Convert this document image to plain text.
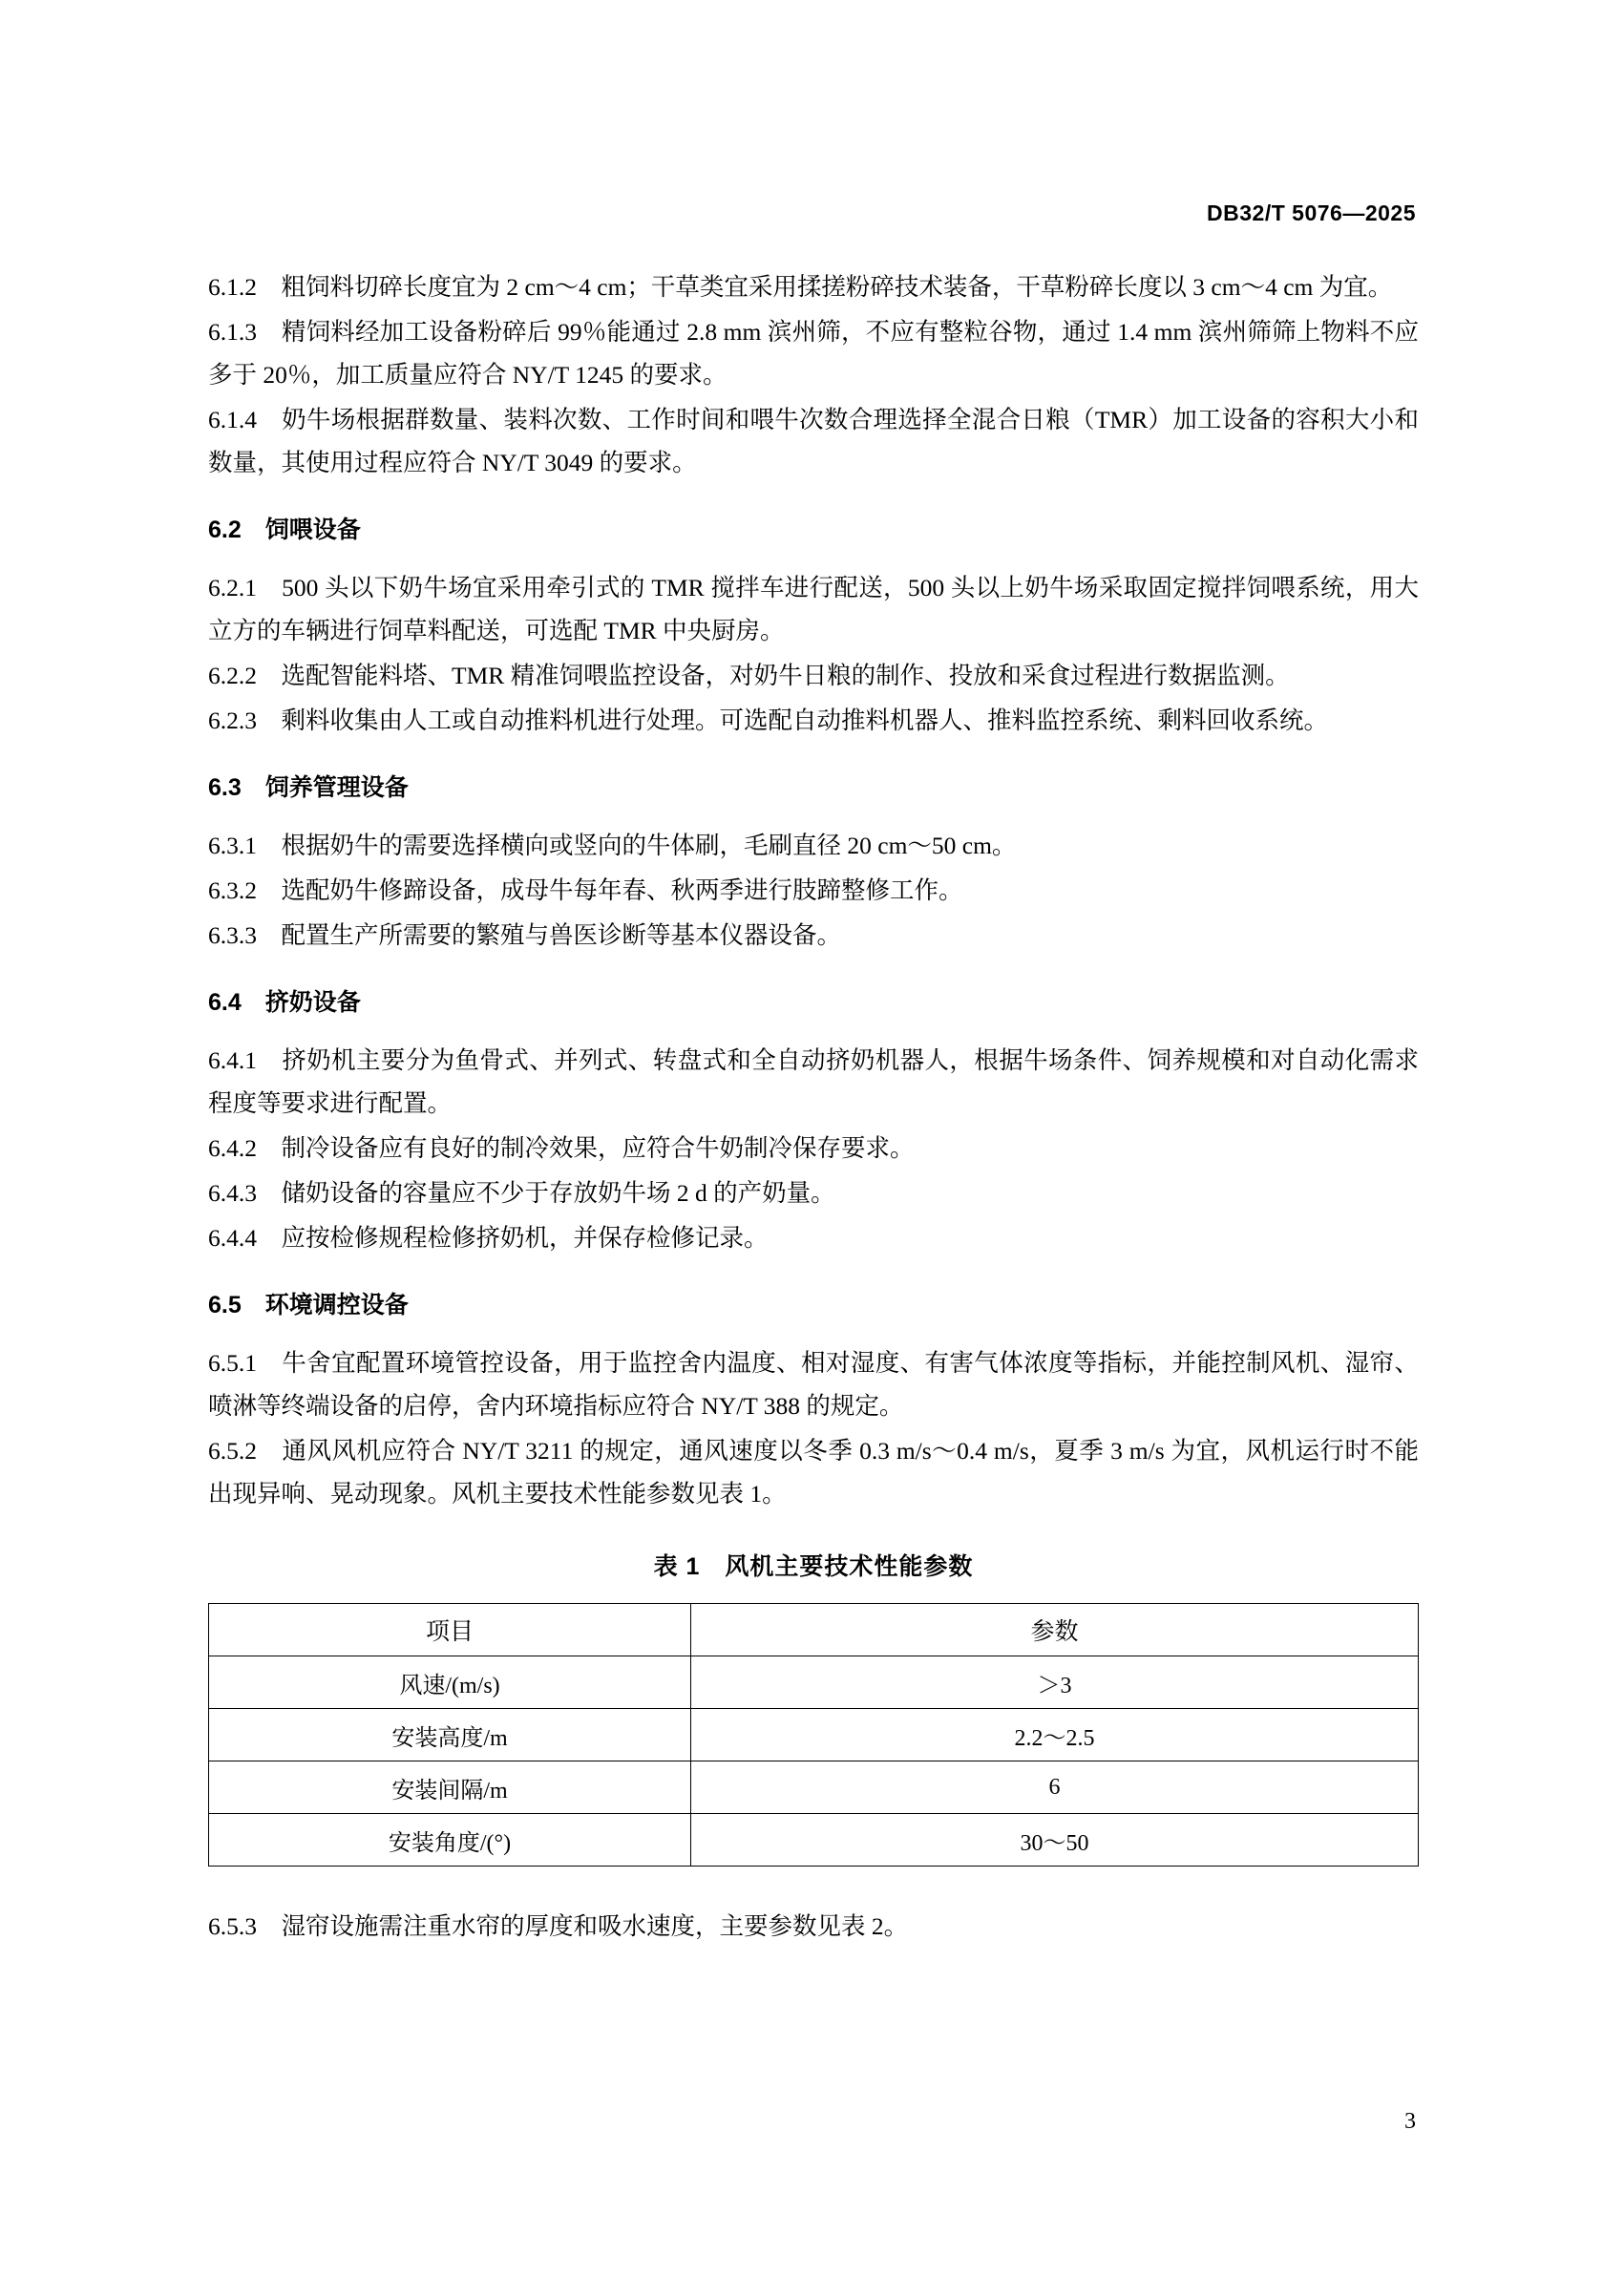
DB32/T 5076—2025

6.1.2　粗饲料切碎长度宜为 2 cm～4 cm；干草类宜采用揉搓粉碎技术装备，干草粉碎长度以 3 cm～4 cm 为宜。

6.1.3　精饲料经加工设备粉碎后 99％能通过 2.8 mm 滨州筛，不应有整粒谷物，通过 1.4 mm 滨州筛筛上物料不应多于 20％，加工质量应符合 NY/T 1245 的要求。

6.1.4　奶牛场根据群数量、装料次数、工作时间和喂牛次数合理选择全混合日粮（TMR）加工设备的容积大小和数量，其使用过程应符合 NY/T 3049 的要求。

6.2　饲喂设备

6.2.1　500 头以下奶牛场宜采用牵引式的 TMR 搅拌车进行配送，500 头以上奶牛场采取固定搅拌饲喂系统，用大立方的车辆进行饲草料配送，可选配 TMR 中央厨房。

6.2.2　选配智能料塔、TMR 精准饲喂监控设备，对奶牛日粮的制作、投放和采食过程进行数据监测。

6.2.3　剩料收集由人工或自动推料机进行处理。可选配自动推料机器人、推料监控系统、剩料回收系统。

6.3　饲养管理设备

6.3.1　根据奶牛的需要选择横向或竖向的牛体刷，毛刷直径 20 cm～50 cm。

6.3.2　选配奶牛修蹄设备，成母牛每年春、秋两季进行肢蹄整修工作。

6.3.3　配置生产所需要的繁殖与兽医诊断等基本仪器设备。

6.4　挤奶设备

6.4.1　挤奶机主要分为鱼骨式、并列式、转盘式和全自动挤奶机器人，根据牛场条件、饲养规模和对自动化需求程度等要求进行配置。

6.4.2　制冷设备应有良好的制冷效果，应符合牛奶制冷保存要求。

6.4.3　储奶设备的容量应不少于存放奶牛场 2 d 的产奶量。

6.4.4　应按检修规程检修挤奶机，并保存检修记录。

6.5　环境调控设备

6.5.1　牛舍宜配置环境管控设备，用于监控舍内温度、相对湿度、有害气体浓度等指标，并能控制风机、湿帘、喷淋等终端设备的启停，舍内环境指标应符合 NY/T 388 的规定。

6.5.2　通风风机应符合 NY/T 3211 的规定，通风速度以冬季 0.3 m/s～0.4 m/s，夏季 3 m/s 为宜，风机运行时不能出现异响、晃动现象。风机主要技术性能参数见表 1。

表 1　风机主要技术性能参数
项目	参数
风速/(m/s)	＞3
安装高度/m	2.2～2.5
安装间隔/m	6
安装角度/(°)	30～50

6.5.3　湿帘设施需注重水帘的厚度和吸水速度，主要参数见表 2。

3
